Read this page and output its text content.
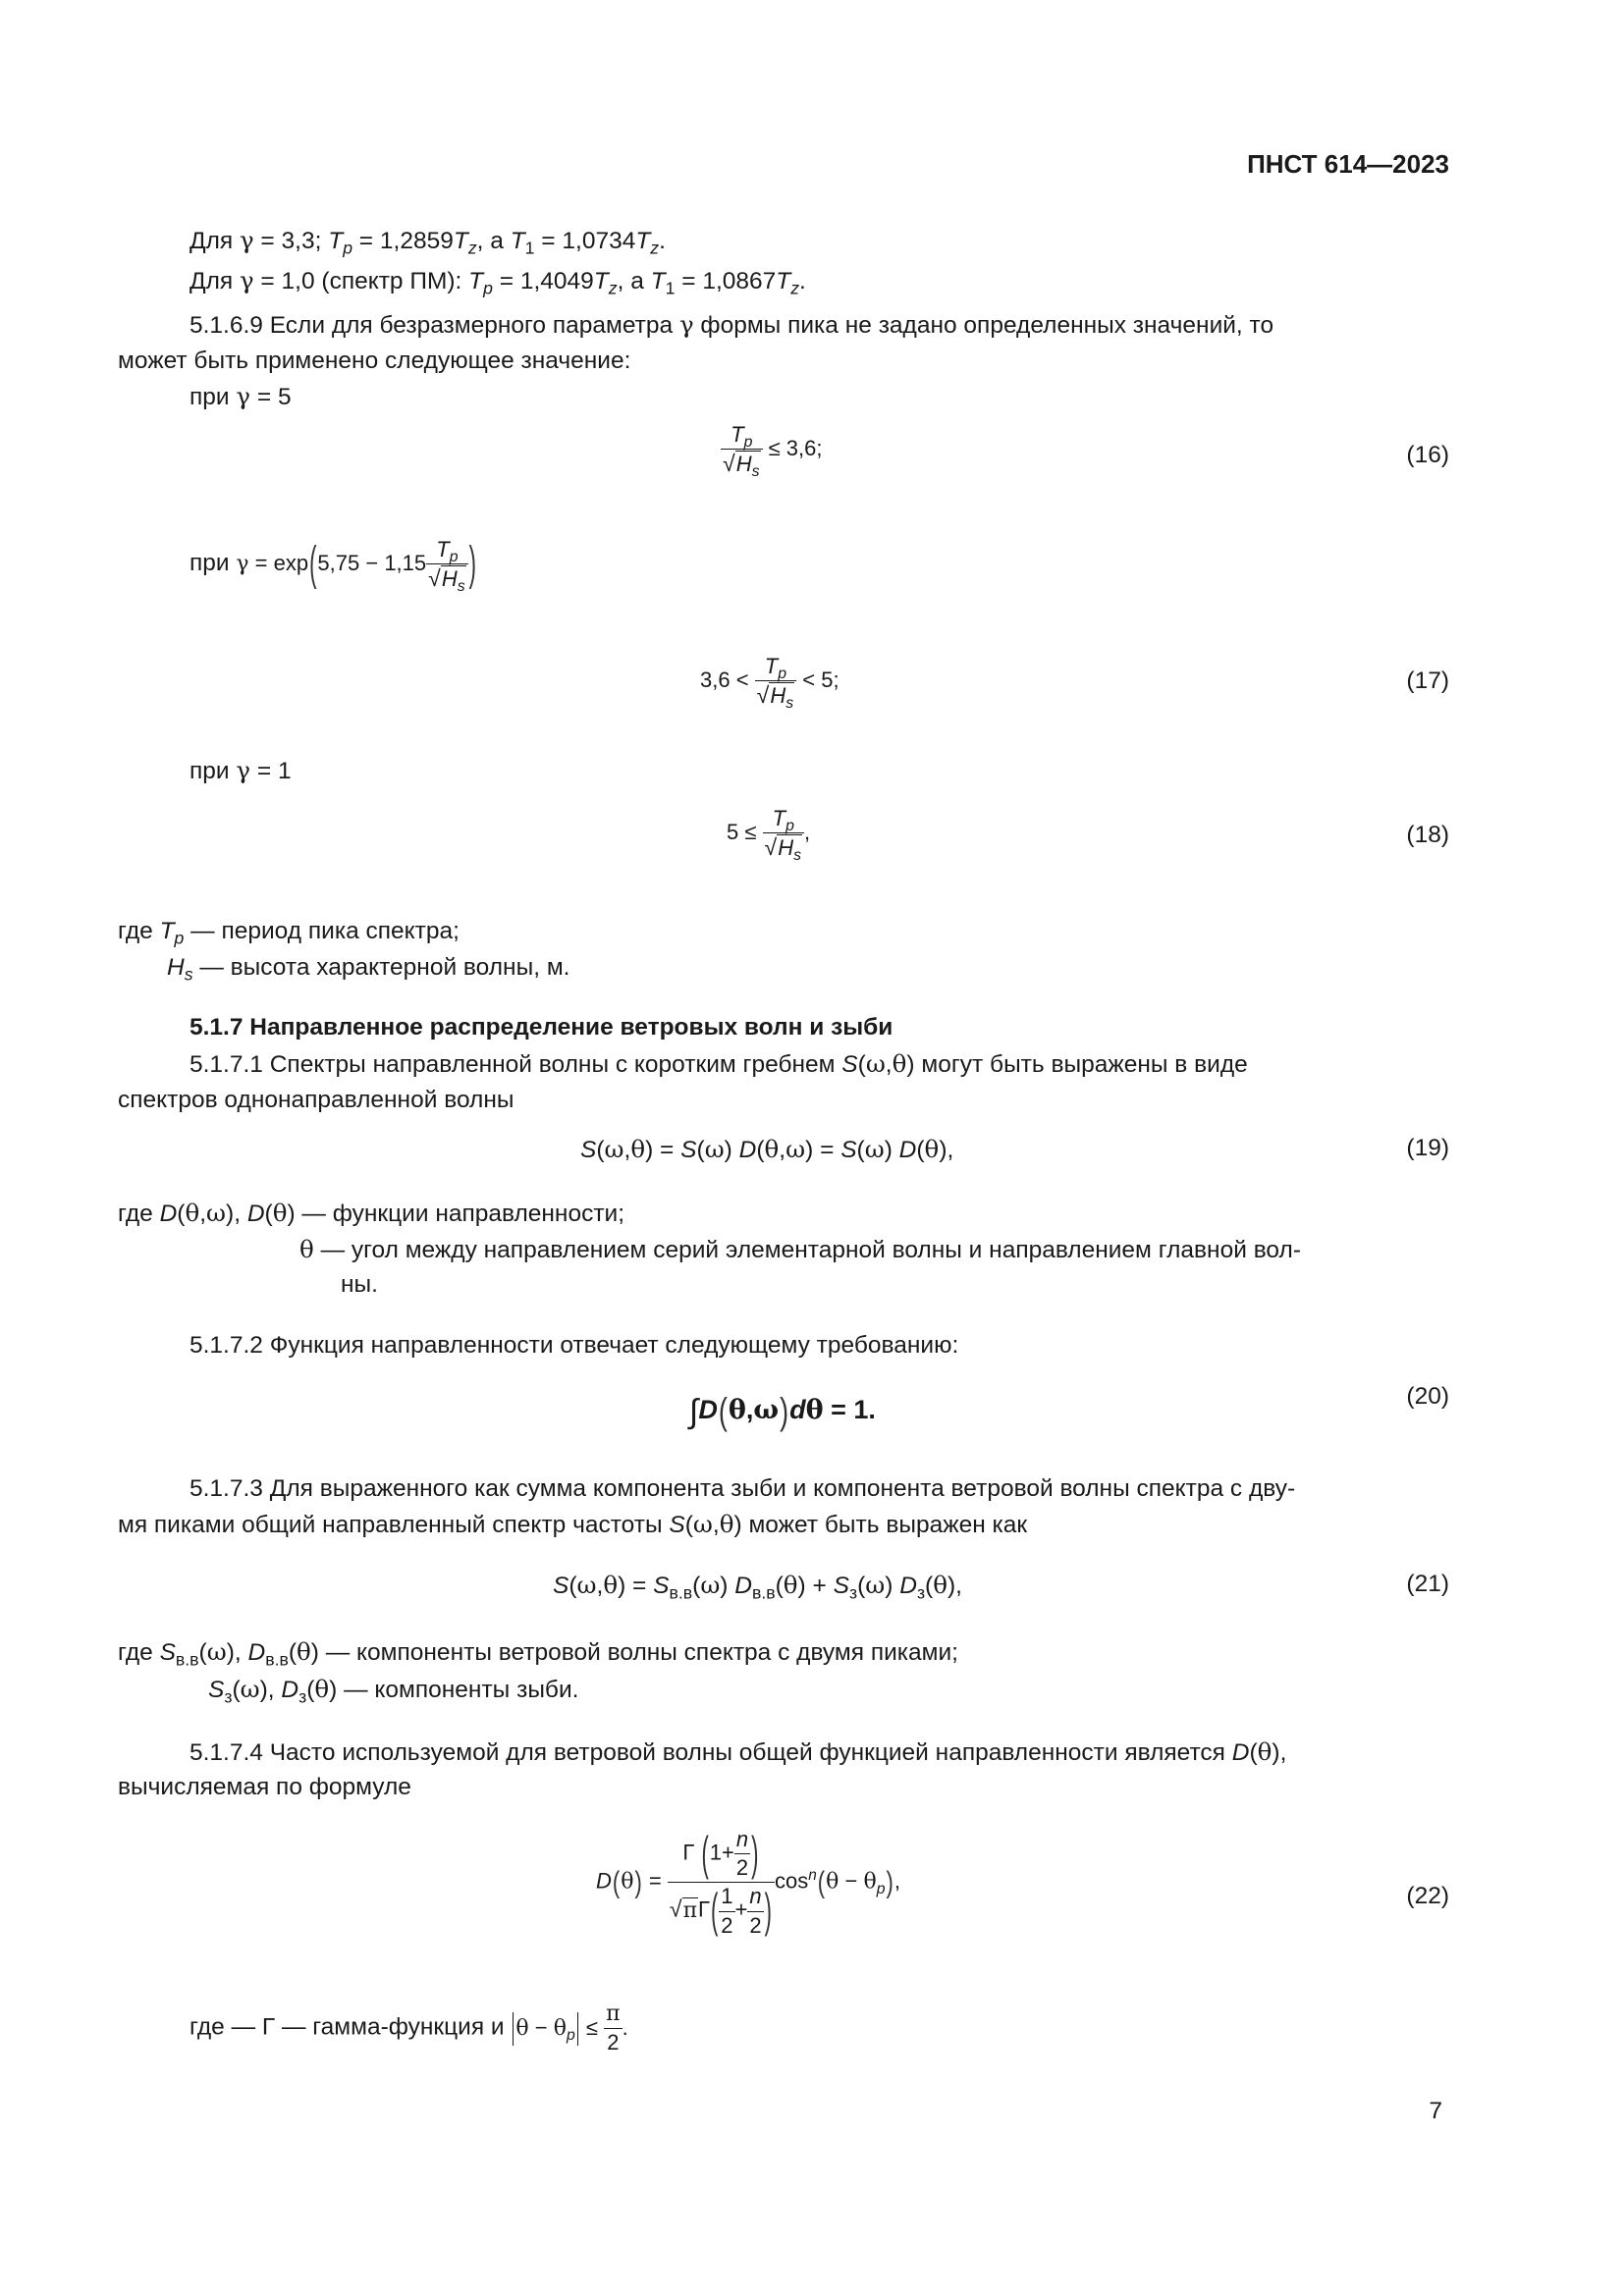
ПНСТ 614—2023
Для γ = 3,3; $T_p = 1,2859T_z$, а $T_1 = 1,0734T_z$.
Для γ = 1,0 (спектр ПМ): $T_p = 1,4049T_z$, а $T_1 = 1,0867T_z$.
5.1.6.9 Если для безразмерного параметра γ формы пика не задано определенных значений, то
может быть применено следующее значение:
при γ = 5
$\frac{T_p}{√H_s} \le 3,6$;	(16)
при $\gamma = \exp(5,75 - 1,15 \frac{T_p}{√H_s}$ )
$3,6 < \frac{T_p}{√H_s} < 5$;	(17)
при γ = 1
$5 \le \frac{T_p}{√H_s}$ ,	(18)
где $T_p$ — период пика спектра;
$H_s$ — высота характерной волны, м.
5.1.7 Направленное распределение ветровых волн и зыби
5.1.7.1 Спектры направленной волны с коротким гребнем S(ω,θ) могут быть выражены в виде
спектров однонаправленной волны
S(ω,θ) = S(ω) D(θ,ω) = S(ω) D(θ),	(19)
где D(θ,ω), D(θ) — функции направленности;
θ — угол между направлением серий элементарной волны и направлением главной вол-
ны.
5.1.7.2 Функция направленности отвечает следующему требованию:
∫D(θ,ω)dθ = 1.	(20)
5.1.7.3 Для выраженного как сумма компонента зыби и компонента ветровой волны спектра с дву-
мя пиками общий направленный спектр частоты S(ω,θ) может быть выражен как
$S(\omega,\theta) = S_{в.в}(\omega) D_{в.в}(\theta) + S_з(\omega)$ $D_з(\theta)$,	(21)
где $S_{в.в}(\omega)$, $D_{в.в}(\theta)$ — компоненты ветровой волны спектра с двумя пиками;
$S_з(\omega)$, $D_з(\theta)$ — компоненты зыби.
5.1.7.4 Часто используемой для ветровой волны общей функцией направленности является D(θ),
вычисляемая по формуле
$D(\theta) = \frac{Г (1+ \frac{n}{2} )}{√\pi Г( \frac{1}{2} + \frac{n}{2} )} \cos^n(\theta - \theta_p)$,
(22)
где — Г — гамма-функция и $\theta - \theta_p \le \frac{\pi}{2}$ .
7
